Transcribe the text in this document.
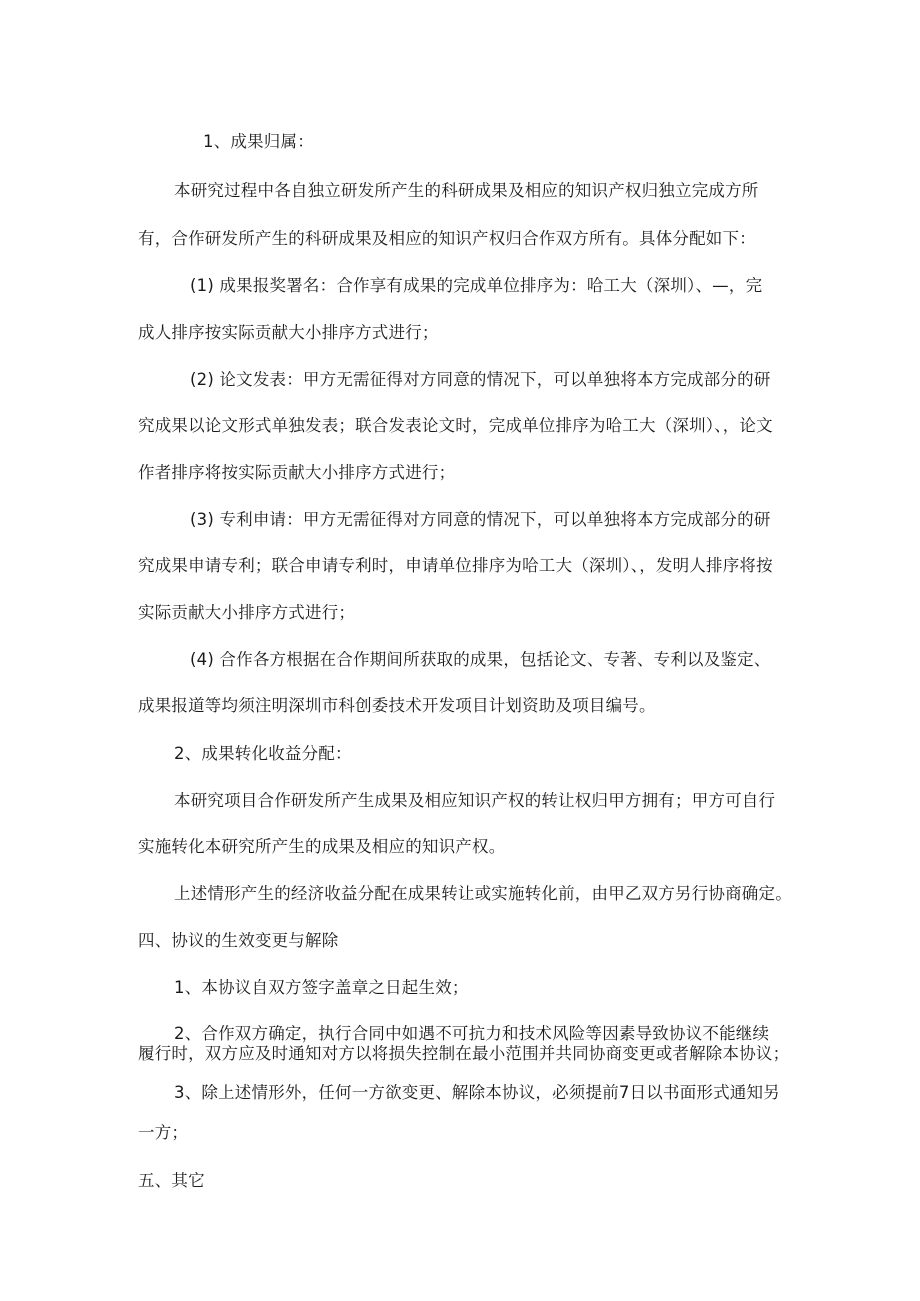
1、成果归属：
本研究过程中各自独立研发所产生的科研成果及相应的知识产权归独立完成方所
有，合作研发所产生的科研成果及相应的知识产权归合作双方所有。具体分配如下：
(1) 成果报奖署名：合作享有成果的完成单位排序为：哈工大（深圳）、—，完
成人排序按实际贡献大小排序方式进行；
(2) 论文发表：甲方无需征得对方同意的情况下，可以单独将本方完成部分的研
究成果以论文形式单独发表；联合发表论文时，完成单位排序为哈工大（深圳）、，论文
作者排序将按实际贡献大小排序方式进行；
(3) 专利申请：甲方无需征得对方同意的情况下，可以单独将本方完成部分的研
究成果申请专利；联合申请专利时，申请单位排序为哈工大（深圳）、，发明人排序将按
实际贡献大小排序方式进行；
(4) 合作各方根据在合作期间所获取的成果，包括论文、专著、专利以及鉴定、
成果报道等均须注明深圳市科创委技术开发项目计划资助及项目编号。
2、成果转化收益分配：
本研究项目合作研发所产生成果及相应知识产权的转让权归甲方拥有；甲方可自行
实施转化本研究所产生的成果及相应的知识产权。
上述情形产生的经济收益分配在成果转让或实施转化前，由甲乙双方另行协商确定。
四、协议的生效变更与解除
1、本协议自双方签字盖章之日起生效；
2、合作双方确定，执行合同中如遇不可抗力和技术风险等因素导致协议不能继续
履行时，双方应及时通知对方以将损失控制在最小范围并共同协商变更或者解除本协议；
3、除上述情形外，任何一方欲变更、解除本协议，必须提前7日以书面形式通知另
一方；
五、其它
